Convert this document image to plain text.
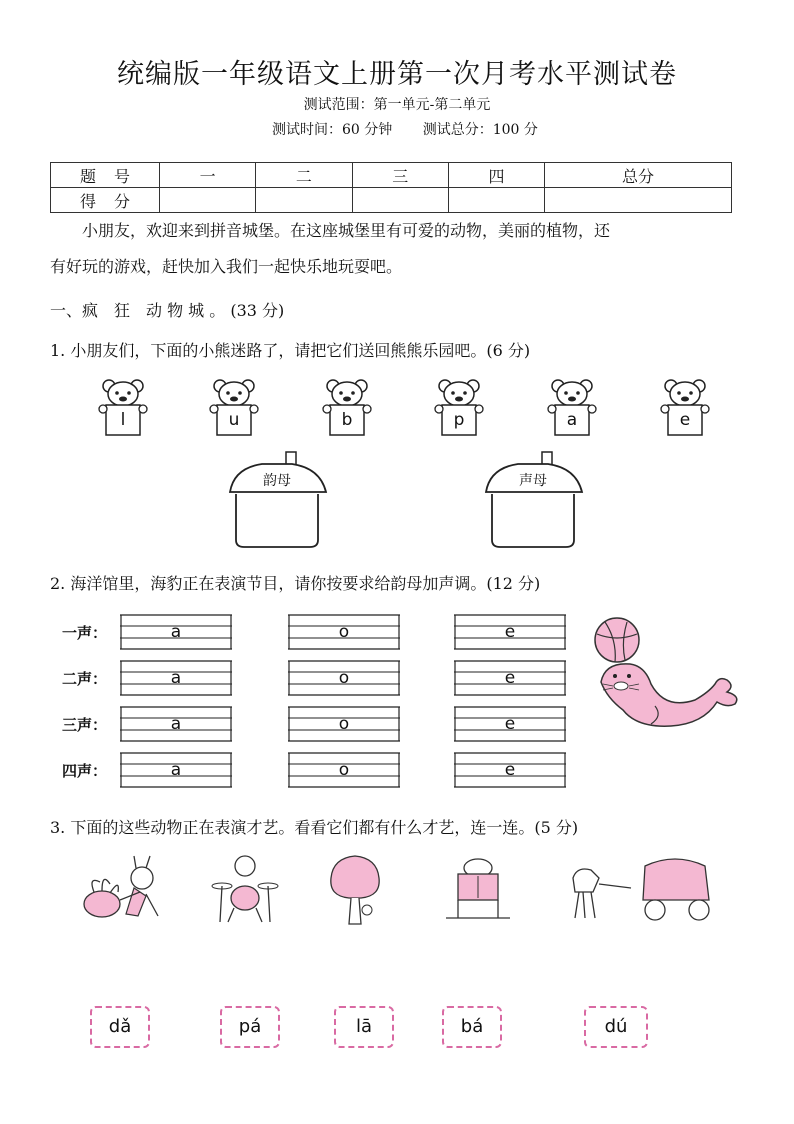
统编版一年级语文上册第一次月考水平测试卷
测试范围：第一单元-第二单元
测试时间：60 分钟 测试总分：100 分
题号	一	二	三	四	总分
得分					

小朋友，欢迎来到拼音城堡。在这座城堡里有可爱的动物，美丽的植物，还

有好玩的游戏，赶快加入我们一起快乐地玩耍吧。

一、疯　狂　动 物 城 。 (33 分)
1. 小朋友们，下面的小熊迷路了，请把它们送回熊熊乐园吧。(6 分)
l	u	b	p	a	e
韵母	声母
2. 海洋馆里，海豹正在表演节目，请你按要求给韵母加声调。(12 分)
一声：	a	o	e
二声：	a	o	e
三声：	a	o	e
四声：	a	o	e
3. 下面的这些动物正在表演才艺。看看它们都有什么才艺，连一连。(5 分)
dǎ	pá	lā	bá	dú
